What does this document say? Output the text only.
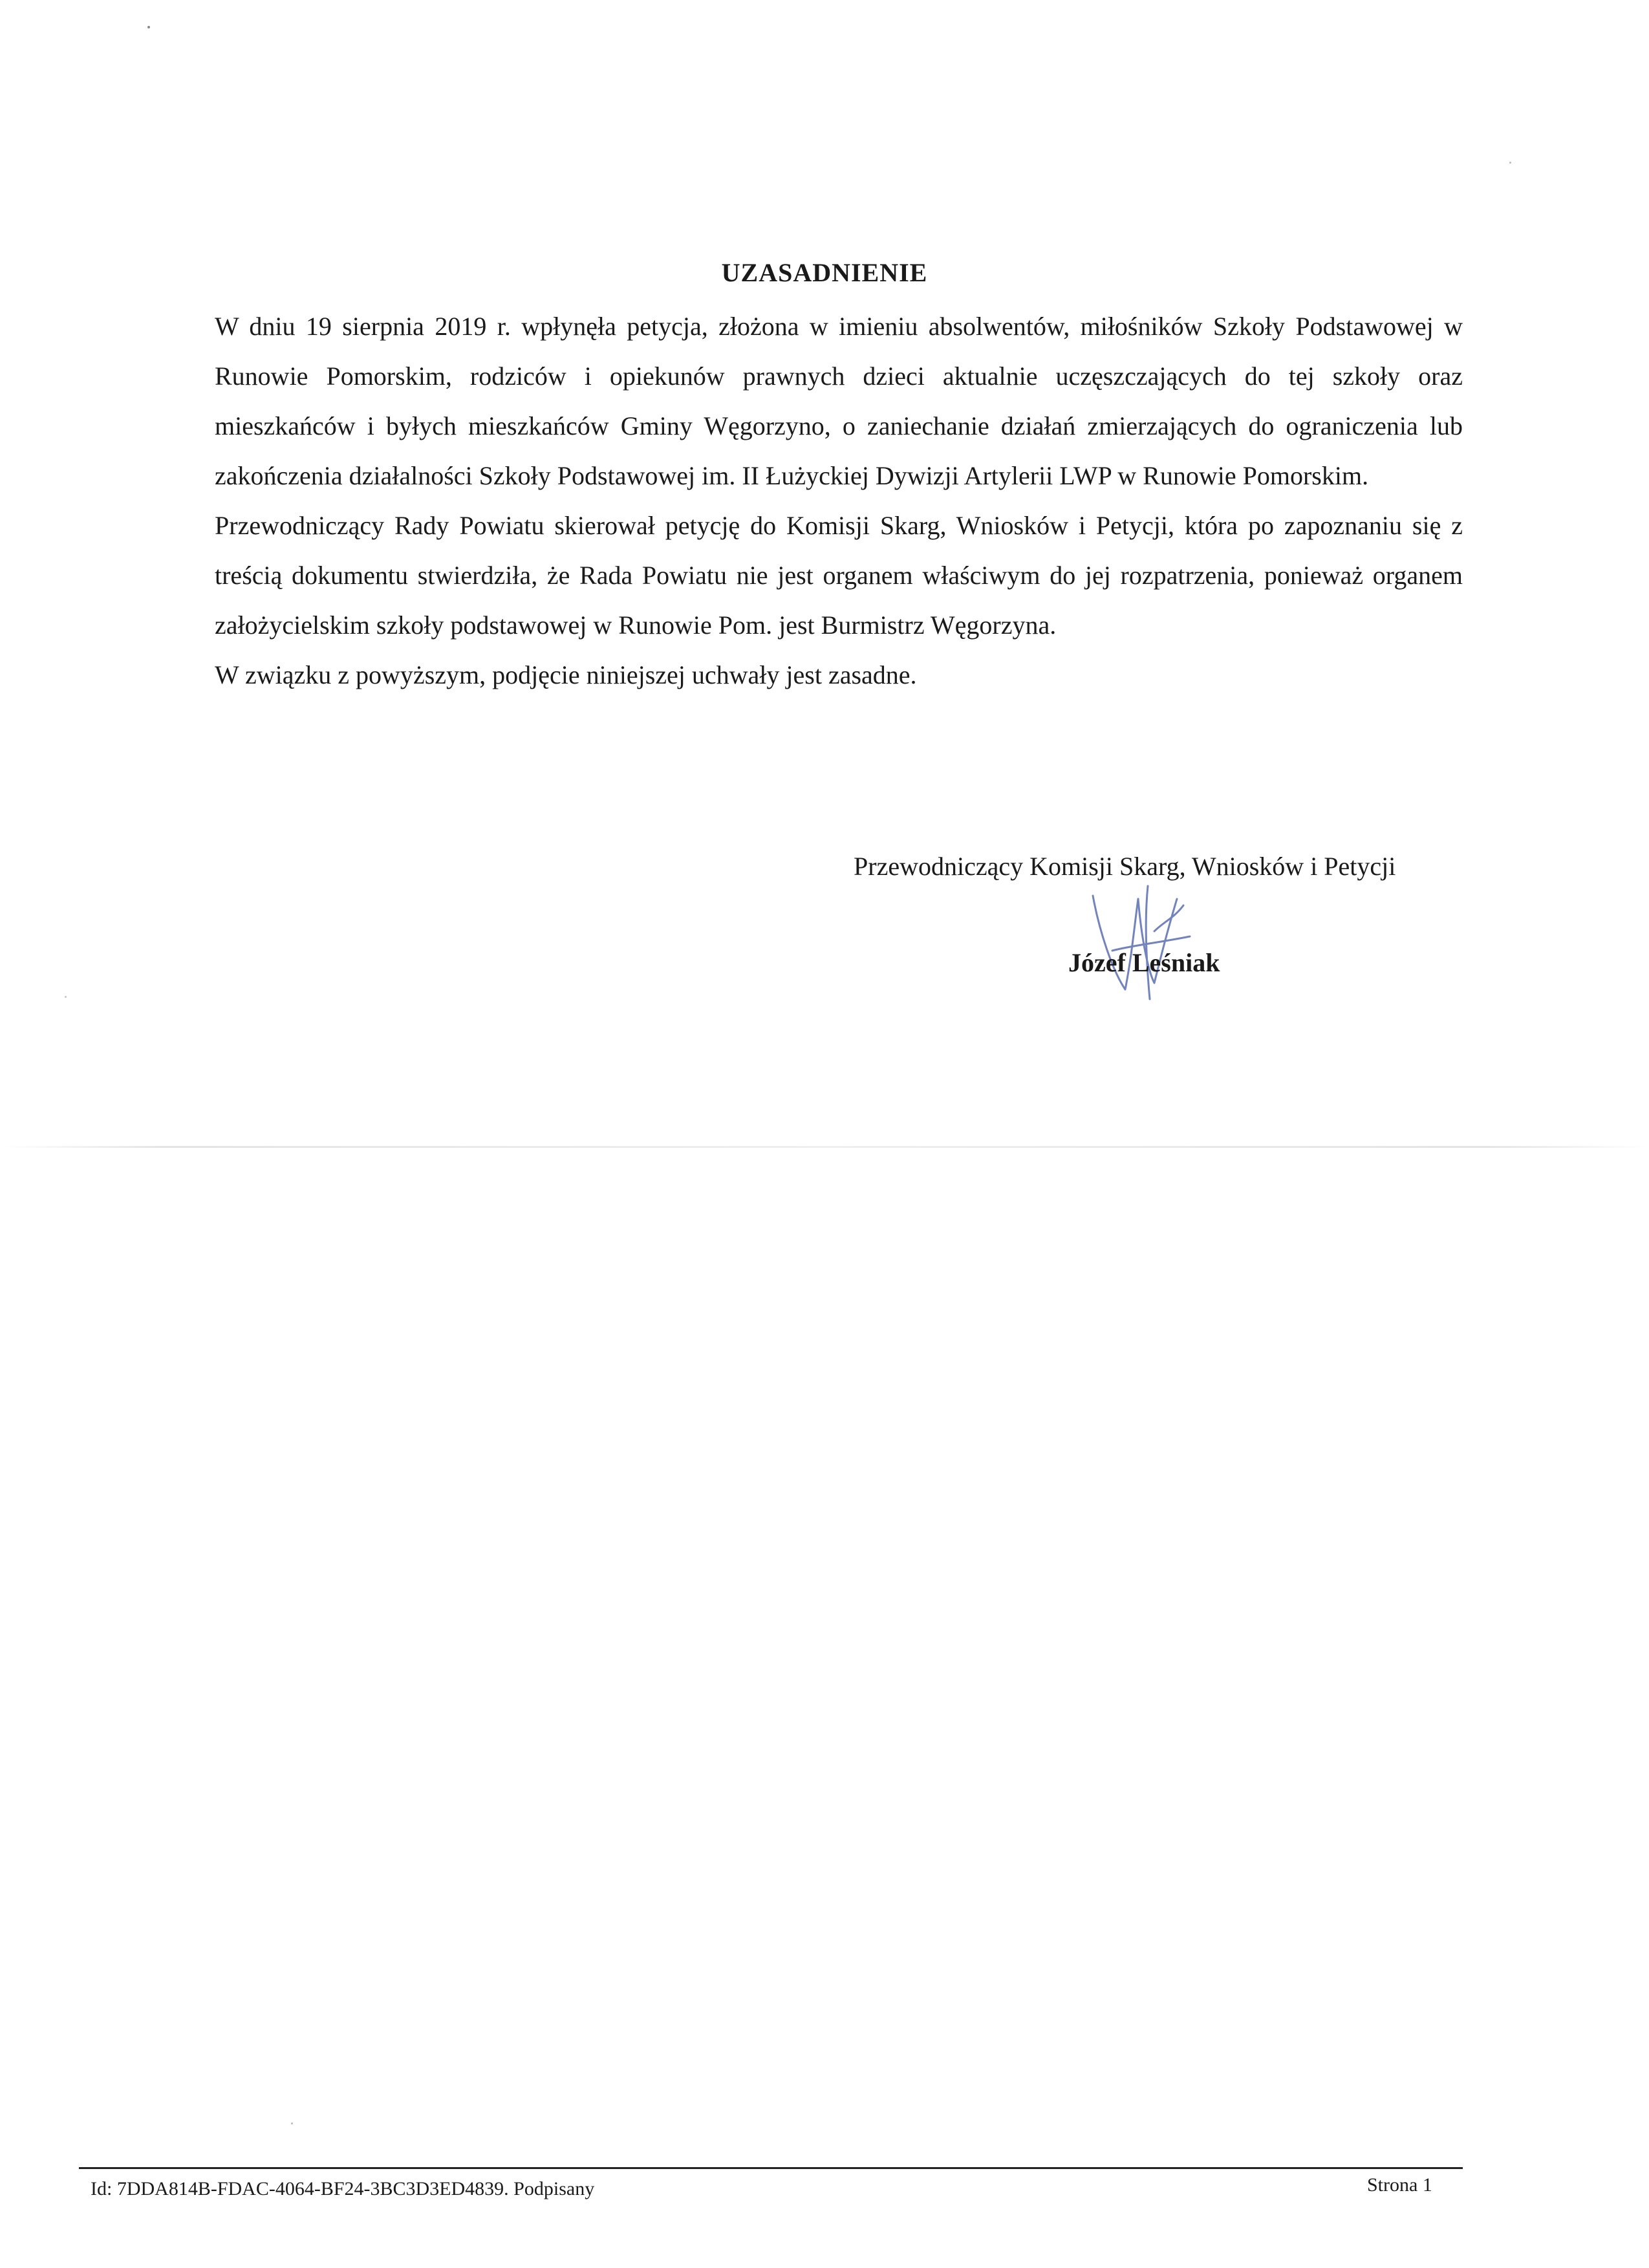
UZASADNIENIE

W dniu 19 sierpnia 2019 r. wpłynęła petycja, złożona w imieniu absolwentów, miłośników Szkoły Podstawowej w Runowie Pomorskim, rodziców i opiekunów prawnych dzieci aktualnie uczęszczających do tej szkoły oraz mieszkańców i byłych mieszkańców Gminy Węgorzyno, o zaniechanie działań zmierzających do ograniczenia lub zakończenia działalności Szkoły Podstawowej im. II Łużyckiej Dywizji Artylerii LWP w Runowie Pomorskim.

Przewodniczący Rady Powiatu skierował petycję do Komisji Skarg, Wniosków i Petycji, która po zapoznaniu się z treścią dokumentu stwierdziła, że Rada Powiatu nie jest organem właściwym do jej rozpatrzenia, ponieważ organem założycielskim szkoły podstawowej w Runowie Pom. jest Burmistrz Węgorzyna.

W związku z powyższym, podjęcie niniejszej uchwały jest zasadne.

Przewodniczący Komisji Skarg, Wniosków i Petycji
Józef Leśniak
Id: 7DDA814B-FDAC-4064-BF24-3BC3D3ED4839. Podpisany	Strona 1
